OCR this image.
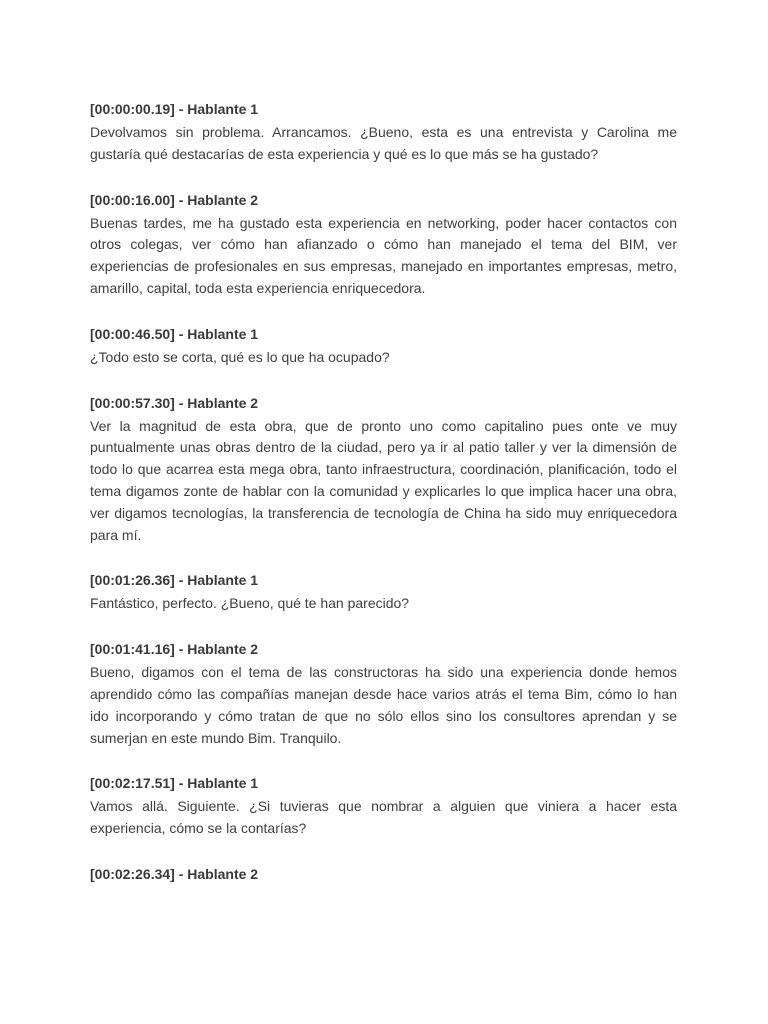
[00:00:00.19] - Hablante 1

Devolvamos sin problema. Arrancamos. ¿Bueno, esta es una entrevista y Carolina me gustaría qué destacarías de esta experiencia y qué es lo que más se ha gustado?

[00:00:16.00] - Hablante 2

Buenas tardes, me ha gustado esta experiencia en networking, poder hacer contactos con otros colegas, ver cómo han afianzado o cómo han manejado el tema del BIM, ver experiencias de profesionales en sus empresas, manejado en importantes empresas, metro, amarillo, capital, toda esta experiencia enriquecedora.

[00:00:46.50] - Hablante 1

¿Todo esto se corta, qué es lo que ha ocupado?

[00:00:57.30] - Hablante 2

Ver la magnitud de esta obra, que de pronto uno como capitalino pues onte ve muy puntualmente unas obras dentro de la ciudad, pero ya ir al patio taller y ver la dimensión de todo lo que acarrea esta mega obra, tanto infraestructura, coordinación, planificación, todo el tema digamos zonte de hablar con la comunidad y explicarles lo que implica hacer una obra, ver digamos tecnologías, la transferencia de tecnología de China ha sido muy enriquecedora para mí.

[00:01:26.36] - Hablante 1

Fantástico, perfecto. ¿Bueno, qué te han parecido?

[00:01:41.16] - Hablante 2

Bueno, digamos con el tema de las constructoras ha sido una experiencia donde hemos aprendido cómo las compañías manejan desde hace varios atrás el tema Bim, cómo lo han ido incorporando y cómo tratan de que no sólo ellos sino los consultores aprendan y se sumerjan en este mundo Bim. Tranquilo.

[00:02:17.51] - Hablante 1

Vamos allá. Siguiente. ¿Si tuvieras que nombrar a alguien que viniera a hacer esta experiencia, cómo se la contarías?

[00:02:26.34] - Hablante 2
